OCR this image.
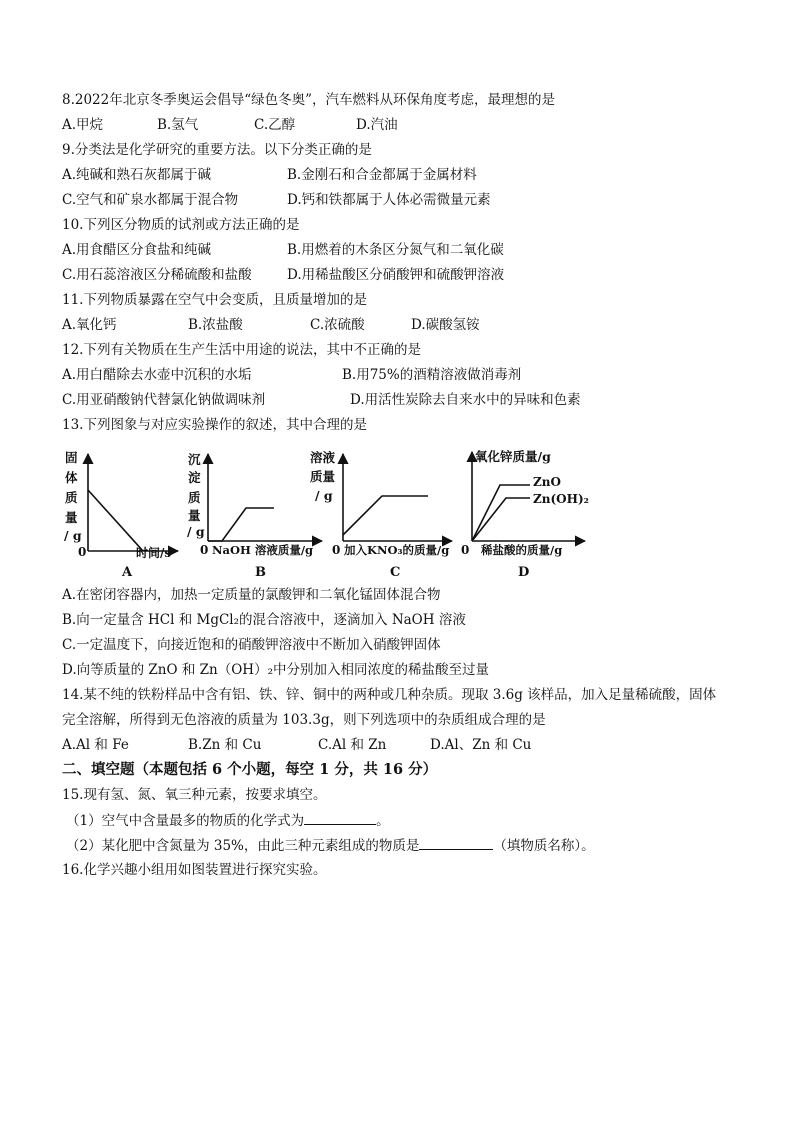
8.2022年北京冬季奥运会倡导“绿色冬奥”，汽车燃料从环保角度考虑，最理想的是
A.甲烷	B.氢气	C.乙醇	D.汽油
9.分类法是化学研究的重要方法。以下分类正确的是
A.纯碱和熟石灰都属于碱	B.金刚石和合金都属于金属材料
C.空气和矿泉水都属于混合物	D.钙和铁都属于人体必需微量元素
10.下列区分物质的试剂或方法正确的是
A.用食醋区分食盐和纯碱	B.用燃着的木条区分氮气和二氧化碳
C.用石蕊溶液区分稀硫酸和盐酸	D.用稀盐酸区分硝酸钾和硫酸钾溶液
11.下列物质暴露在空气中会变质，且质量增加的是
A.氧化钙	B.浓盐酸	C.浓硫酸	D.碳酸氢铵
12.下列有关物质在生产生活中用途的说法，其中不正确的是
A.用白醋除去水壶中沉积的水垢	B.用75%的酒精溶液做消毒剂
C.用亚硝酸钠代替氯化钠做调味剂	D.用活性炭除去自来水中的异味和色素
13.下列图象与对应实验操作的叙述，其中合理的是
固 体 质 量 / g
0	时间/s
A
沉 淀 质 量 / g
0 NaOH 溶液质量/g
B
溶液 质量 / g
0 加入KNO₃的质量/g
C
氧化锌质量/g
ZnO
Zn(OH)₂
0 稀盐酸的质量/g
D
A.在密闭容器内，加热一定质量的氯酸钾和二氧化锰固体混合物
B.向一定量含 HCl 和 MgCl₂的混合溶液中，逐滴加入 NaOH 溶液
C.一定温度下，向接近饱和的硝酸钾溶液中不断加入硝酸钾固体
D.向等质量的 ZnO 和 Zn（OH）₂中分别加入相同浓度的稀盐酸至过量
14.某不纯的铁粉样品中含有铝、铁、锌、铜中的两种或几种杂质。现取 3.6g 该样品，加入足量稀硫酸，固体
完全溶解，所得到无色溶液的质量为 103.3g，则下列选项中的杂质组成合理的是
A.Al 和 Fe	B.Zn 和 Cu	C.Al 和 Zn	D.Al、Zn 和 Cu
二、填空题（本题包括 6 个小题，每空 1 分，共 16 分）
15.现有氢、氮、氧三种元素，按要求填空。
（1）空气中含量最多的物质的化学式为	。
（2）某化肥中含氮量为 35%，由此三种元素组成的物质是	（填物质名称）。
16.化学兴趣小组用如图装置进行探究实验。
